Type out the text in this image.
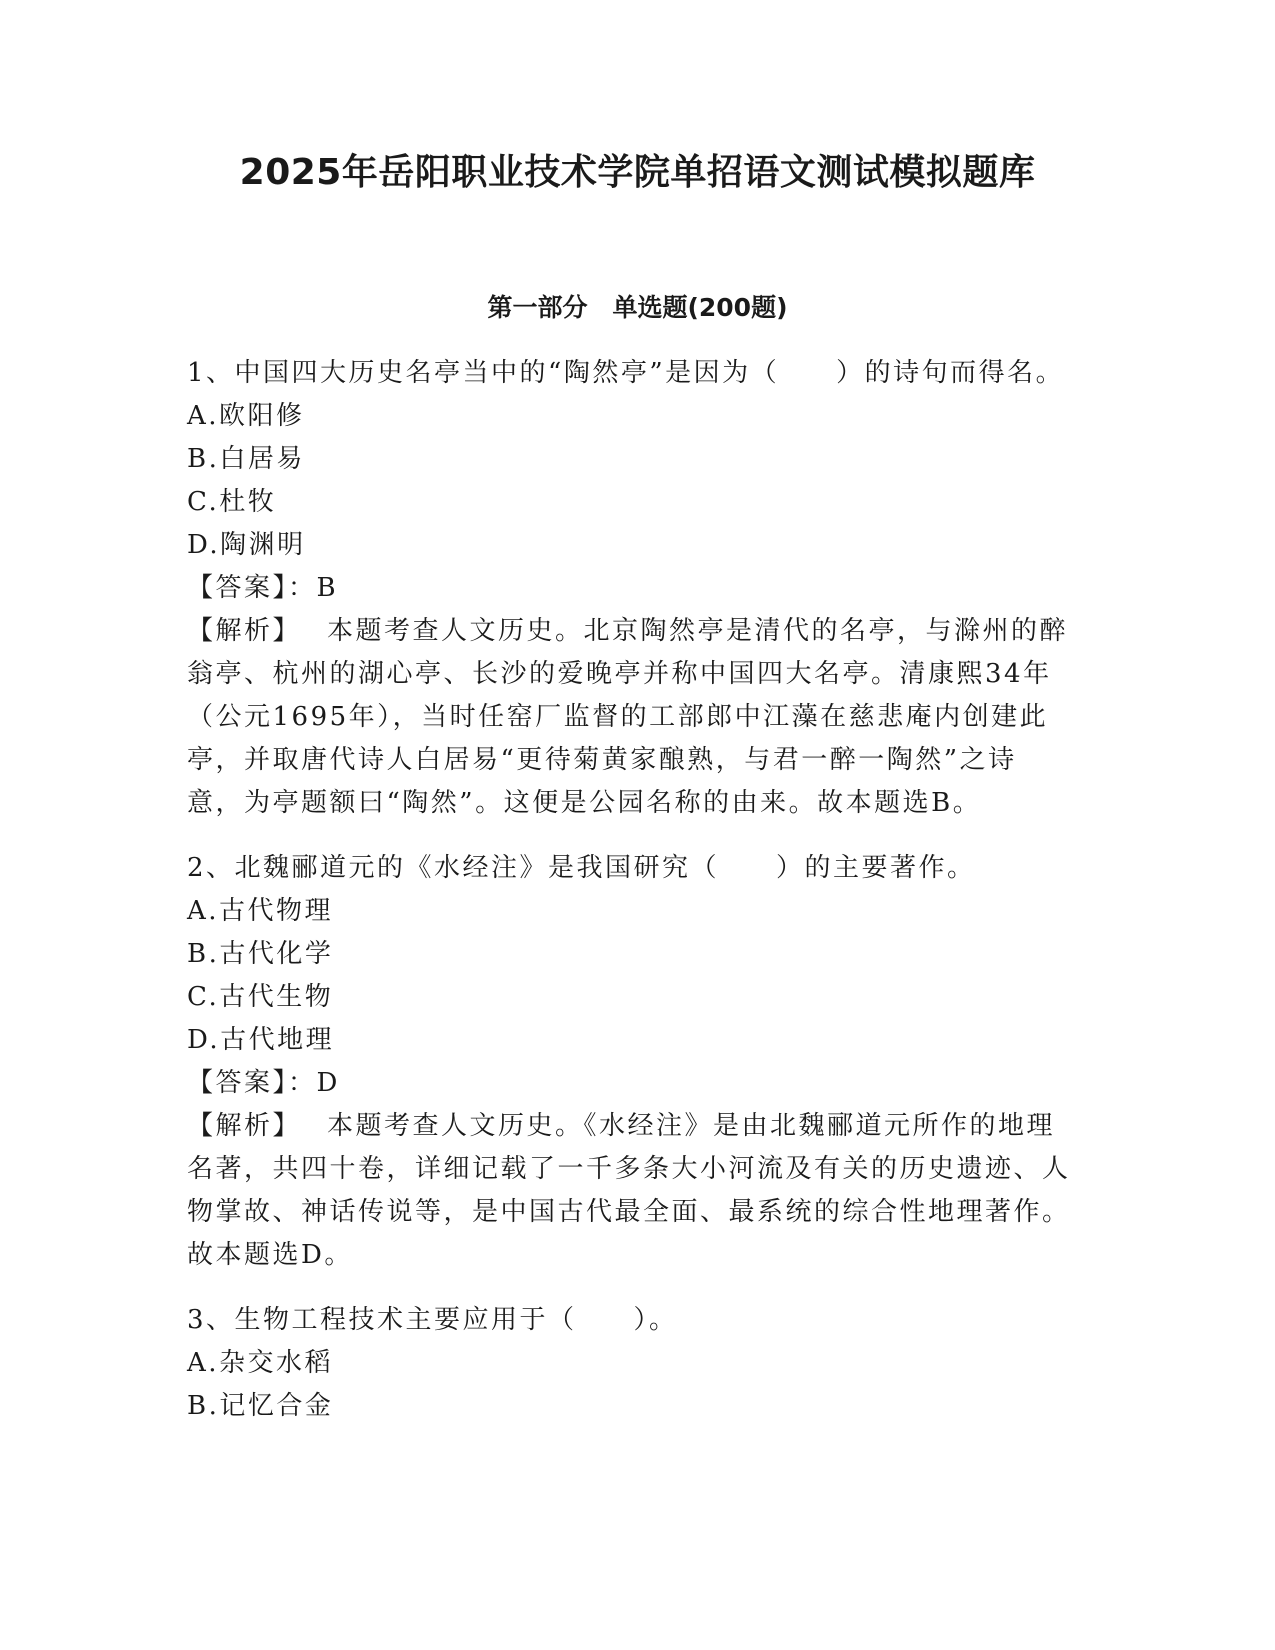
2025年岳阳职业技术学院单招语文测试模拟题库
第一部分　单选题(200题)

1、中国四大历史名亭当中的“陶然亭”是因为（　　）的诗句而得名。

A.欧阳修

B.白居易

C.杜牧

D.陶渊明

【答案】：B

【解析】 本题考查人文历史。北京陶然亭是清代的名亭，与滁州的醉翁亭、杭州的湖心亭、长沙的爱晚亭并称中国四大名亭。清康熙34年（公元1695年），当时任窑厂监督的工部郎中江藻在慈悲庵内创建此亭，并取唐代诗人白居易“更待菊黄家酿熟，与君一醉一陶然”之诗意，为亭题额曰“陶然”。这便是公园名称的由来。故本题选B。

2、北魏郦道元的《水经注》是我国研究（　　）的主要著作。

A.古代物理

B.古代化学

C.古代生物

D.古代地理

【答案】：D

【解析】 本题考查人文历史。《水经注》是由北魏郦道元所作的地理名著，共四十卷，详细记载了一千多条大小河流及有关的历史遗迹、人物掌故、神话传说等，是中国古代最全面、最系统的综合性地理著作。故本题选D。

3、生物工程技术主要应用于（　　）。

A.杂交水稻

B.记忆合金
